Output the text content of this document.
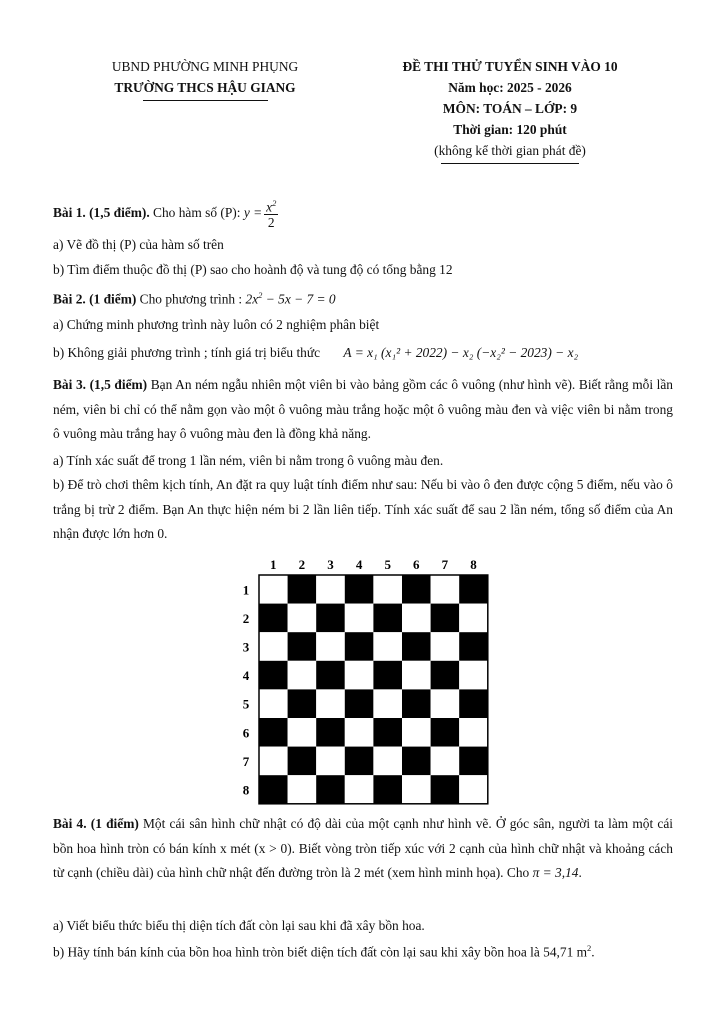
UBND PHƯỜNG MINH PHỤNG
TRƯỜNG THCS HẬU GIANG
ĐỀ THI THỬ TUYỂN SINH VÀO 10
Năm học: 2025 - 2026
MÔN: TOÁN – LỚP: 9
Thời gian: 120 phút
(không kể thời gian phát đề)
Bài 1. (1,5 điểm). Cho hàm số (P): $y = \frac{x^2}{2}$
a) Vẽ đồ thị (P) của hàm số trên
b) Tìm điểm thuộc đồ thị (P) sao cho hoành độ và tung độ có tổng bằng 12
Bài 2. (1 điểm) Cho phương trình : $2x^2 - 5x - 7 = 0$
a) Chứng minh phương trình này luôn có 2 nghiệm phân biệt
b) Không giải phương trình ; tính giá trị biểu thức A = x₁ (x₁² + 2022) − x₂ (−x₂² − 2023) − x₂
Bài 3. (1,5 điểm) Bạn An ném ngẫu nhiên một viên bi vào bảng gồm các ô vuông (như hình vẽ). Biết rằng mỗi lần ném, viên bi chỉ có thể nằm gọn vào một ô vuông màu trắng hoặc một ô vuông màu đen và việc viên bi nằm trong ô vuông màu trắng hay ô vuông màu đen là đồng khả năng.
a) Tính xác suất để trong 1 lần ném, viên bi nằm trong ô vuông màu đen.
b) Để trò chơi thêm kịch tính, An đặt ra quy luật tính điểm như sau: Nếu bi vào ô đen được cộng 5 điểm, nếu vào ô trắng bị trừ 2 điểm. Bạn An thực hiện ném bi 2 lần liên tiếp. Tính xác suất để sau 2 lần ném, tổng số điểm của An nhận được lớn hơn 0.
1 2 3 4 5 6 7 8
1
2
3
4
5
6
7
8
Bài 4. (1 điểm) Một cái sân hình chữ nhật có độ dài của một cạnh như hình vẽ. Ở góc sân, người ta làm một cái bồn hoa hình tròn có bán kính x mét (x > 0). Biết vòng tròn tiếp xúc với 2 cạnh của hình chữ nhật và khoảng cách từ cạnh (chiều dài) của hình chữ nhật đến đường tròn là 2 mét (xem hình minh họa). Cho π = 3,14.
a) Viết biểu thức biểu thị diện tích đất còn lại sau khi đã xây bồn hoa.
b) Hãy tính bán kính của bồn hoa hình tròn biết diện tích đất còn lại sau khi xây bồn hoa là 54,71 $m^2$.
